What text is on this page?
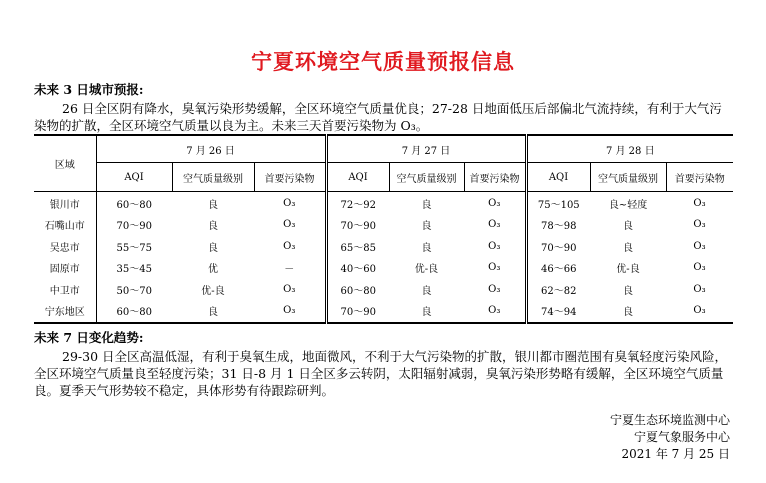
宁夏环境空气质量预报信息
未来 3 日城市预报:
26 日全区阴有降水，臭氧污染形势缓解，全区环境空气质量优良；27-28 日地面低压后部偏北气流持续，有利于大气污
染物的扩散，全区环境空气质量以良为主。未来三天首要污染物为 O₃。
区域	7 月 26 日			7 月 27 日			7 月 28 日		
	AQI	空气质量级别	首要污染物	AQI	空气质量级别	首要污染物	AQI	空气质量级别	首要污染物
银川市	60～80	良	O₃	72～92	良	O₃	75～105	良~轻度	O₃
石嘴山市	70～90	良	O₃	70～90	良	O₃	78～98	良	O₃
吴忠市	55～75	良	O₃	65～85	良	O₃	70～90	良	O₃
固原市	35～45	优	－	40～60	优-良	O₃	46～66	优-良	O₃
中卫市	50～70	优-良	O₃	60～80	良	O₃	62～82	良	O₃
宁东地区	60～80	良	O₃	70～90	良	O₃	74～94	良	O₃
未来 7 日变化趋势:
29-30 日全区高温低湿，有利于臭氧生成，地面微风，不利于大气污染物的扩散，银川都市圈范围有臭氧轻度污染风险，
全区环境空气质量良至轻度污染；31 日-8 月 1 日全区多云转阴，太阳辐射减弱，臭氧污染形势略有缓解，全区环境空气质量
良。夏季天气形势较不稳定，具体形势有待跟踪研判。
宁夏生态环境监测中心
宁夏气象服务中心
2021 年 7 月 25 日
